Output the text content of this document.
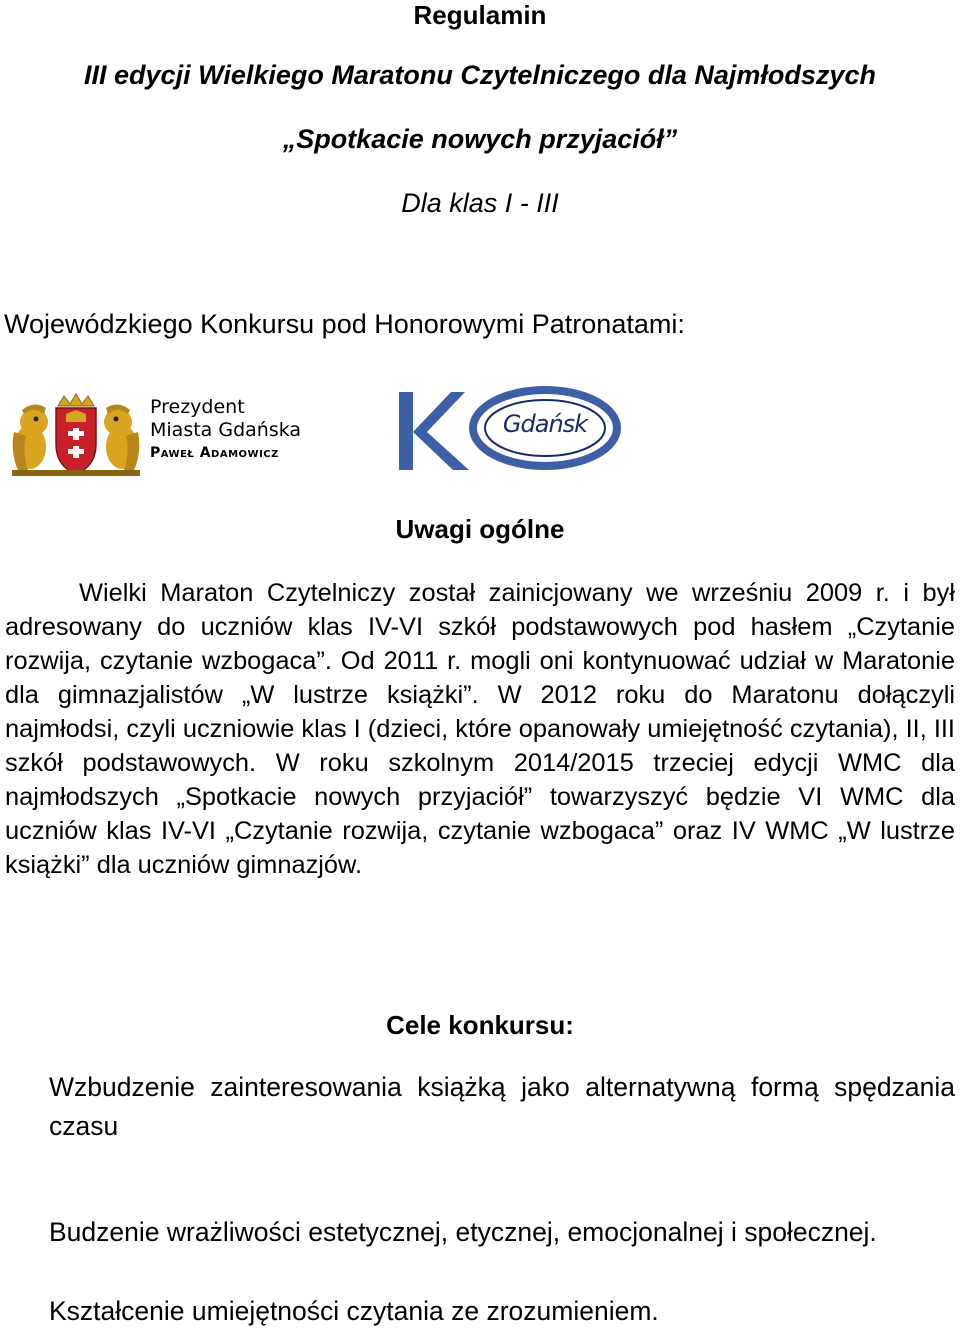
Regulamin
III edycji Wielkiego Maratonu Czytelniczego dla Najmłodszych
„Spotkacie nowych przyjaciół”
Dla klas I - III
Wojewódzkiego Konkursu pod Honorowymi Patronatami:
Prezydent
Miasta Gdańska
Paweł Adamowicz
Gdańsk
Uwagi ogólne
Wielki Maraton Czytelniczy został zainicjowany we wrześniu 2009 r. i był adresowany do uczniów klas IV-VI szkół podstawowych pod hasłem „Czytanie rozwija, czytanie wzbogaca”. Od 2011 r. mogli oni kontynuować udział w Maratonie dla gimnazjalistów „W lustrze książki”. W 2012 roku do Maratonu dołączyli najmłodsi, czyli uczniowie klas I (dzieci, które opanowały umiejętność czytania), II, III szkół podstawowych. W roku szkolnym 2014/2015 trzeciej edycji WMC dla najmłodszych „Spotkacie nowych przyjaciół” towarzyszyć będzie VI WMC dla uczniów klas IV-VI „Czytanie rozwija, czytanie wzbogaca” oraz IV WMC „W lustrze książki” dla uczniów gimnazjów.
Cele konkursu:
Wzbudzenie zainteresowania książką jako alternatywną formą spędzania czasu
Budzenie wrażliwości estetycznej, etycznej, emocjonalnej i społecznej.
Kształcenie umiejętności czytania ze zrozumieniem.
